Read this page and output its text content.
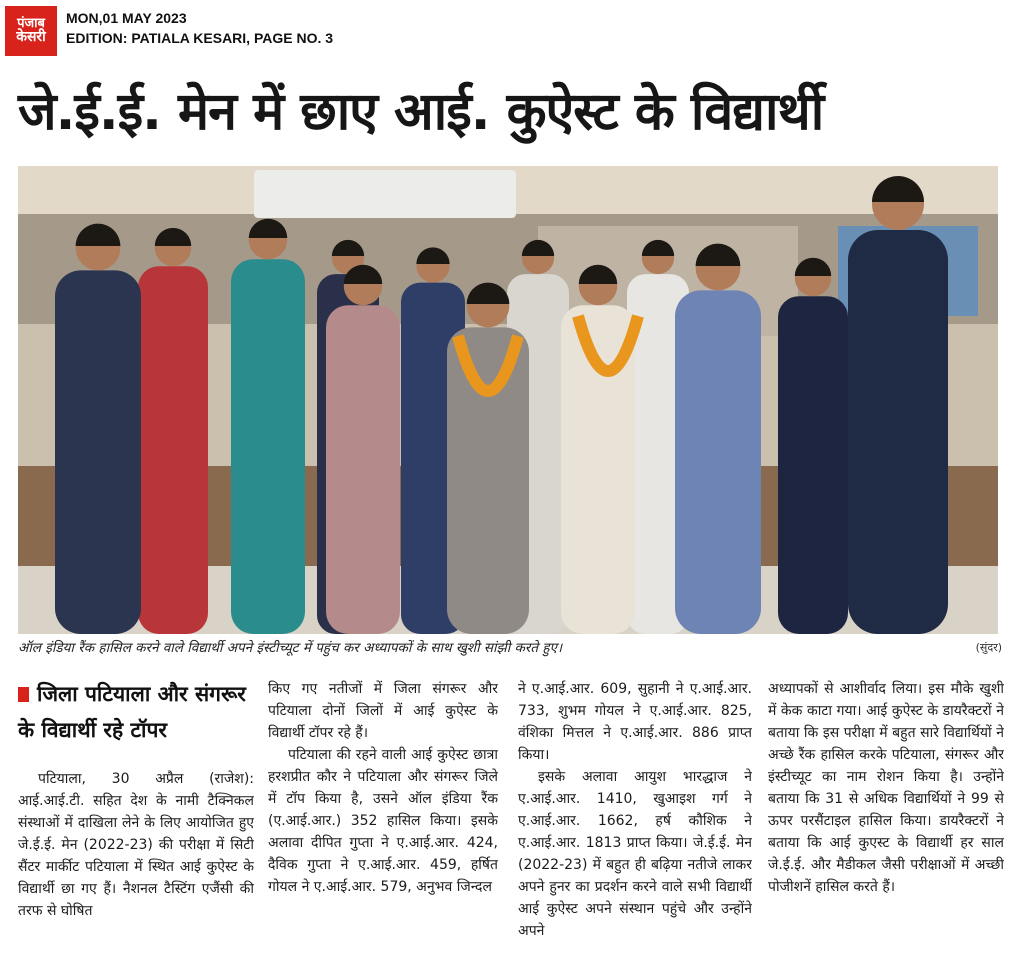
पंजाब
केसरी
MON,01 MAY 2023
EDITION: PATIALA KESARI, PAGE NO. 3
जे.ई.ई. मेन में छाए आई. कुऐस्ट के विद्यार्थी
ऑल इंडिया रैंक हासिल करने वाले विद्यार्थी अपने इंस्टीच्यूट में पहुंच कर अध्यापकों के साथ खुशी सांझी करते हुए।	(सुंदर)
जिला पटियाला और संगरूर के विद्यार्थी रहे टॉपर

पटियाला, 30 अप्रैल (राजेश): आई.आई.टी. सहित देश के नामी टैक्निकल संस्थाओं में दाखिला लेने के लिए आयोजित हुए जे.ई.ई. मेन (2022-23) की परीक्षा में सिटी सैंटर मार्कीट पटियाला में स्थित आई कुऐस्ट के विद्यार्थी छा गए हैं। नैशनल टैस्टिंग एजैंसी की तरफ से घोषित

किए गए नतीजों में जिला संगरूर और पटियाला दोनों जिलों में आई कुऐस्ट के विद्यार्थी टॉपर रहे हैं।

पटियाला की रहने वाली आई कुऐस्ट छात्रा हरशप्रीत कौर ने पटियाला और संगरूर जिले में टॉप किया है, उसने ऑल इंडिया रैंक (ए.आई.आर.) 352 हासिल किया। इसके अलावा दीपित गुप्ता ने ए.आई.आर. 424, दैविक गुप्ता ने ए.आई.आर. 459, हर्षित गोयल ने ए.आई.आर. 579, अनुभव जिन्दल

ने ए.आई.आर. 609, सुहानी ने ए.आई.आर. 733, शुभम गोयल ने ए.आई.आर. 825, वंशिका मित्तल ने ए.आई.आर. 886 प्राप्त किया।

इसके अलावा आयुश भारद्धाज ने ए.आई.आर. 1410, खुआइश गर्ग ने ए.आई.आर. 1662, हर्ष कौशिक ने ए.आई.आर. 1813 प्राप्त किया। जे.ई.ई. मेन (2022-23) में बहुत ही बढ़िया नतीजे लाकर अपने हुनर का प्रदर्शन करने वाले सभी विद्यार्थी आई कुऐस्ट अपने संस्थान पहुंचे और उन्होंने अपने

अध्यापकों से आशीर्वाद लिया। इस मौके खुशी में केक काटा गया। आई कुऐस्ट के डायरैक्टरों ने बताया कि इस परीक्षा में बहुत सारे विद्यार्थियों ने अच्छे रैंक हासिल करके पटियाला, संगरूर और इंस्टीच्यूट का नाम रोशन किया है। उन्होंने बताया कि 31 से अधिक विद्यार्थियों ने 99 से ऊपर परसैंटाइल हासिल किया। डायरैक्टरों ने बताया कि आई कुएस्ट के विद्यार्थी हर साल जे.ई.ई. और मैडीकल जैसी परीक्षाओं में अच्छी पोजीशनें हासिल करते हैं।
